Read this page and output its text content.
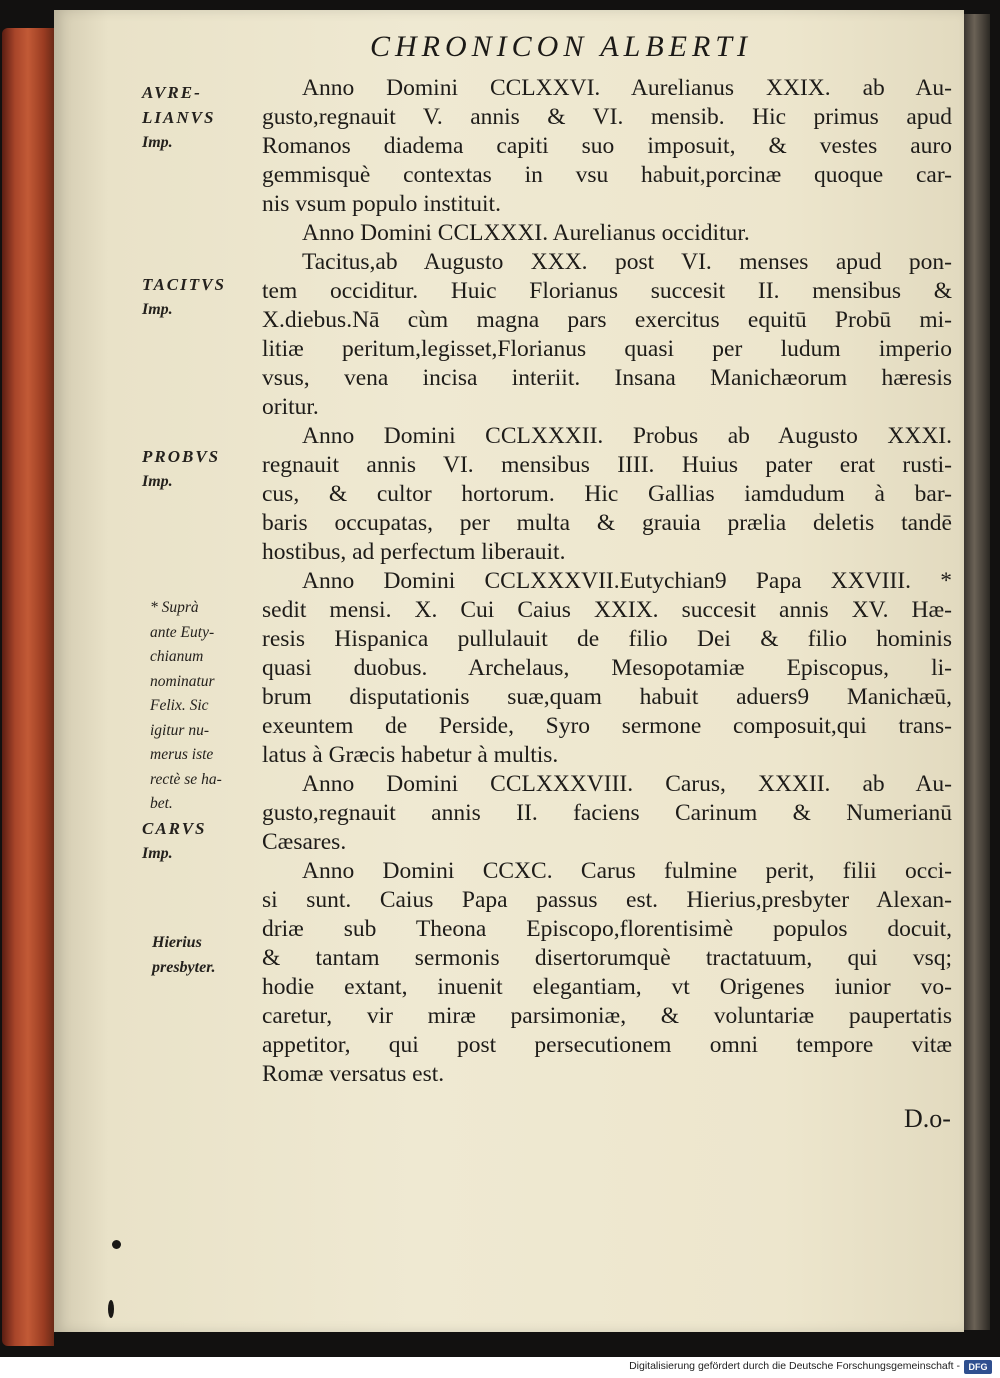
CHRONICON ALBERTI
Anno Domini CCLXXVI. Aurelianus XXIX. ab Au-
gusto,regnauit V. annis & VI. mensib. Hic primus apud
Romanos diadema capiti suo imposuit, & vestes auro
gemmisquè contextas in vsu habuit,porcinæ quoque car-
nis vsum populo instituit.
Anno Domini CCLXXXI. Aurelianus occiditur.
Tacitus,ab Augusto XXX. post VI. menses apud pon-
tem occiditur. Huic Florianus succesit II. mensibus &
X.diebus.Nā cùm magna pars exercitus equitū Probū mi-
litiæ peritum,legisset,Florianus quasi per ludum imperio
vsus, vena incisa interiit. Insana Manichæorum hæresis
oritur.
Anno Domini CCLXXXII. Probus ab Augusto XXXI.
regnauit annis VI. mensibus IIII. Huius pater erat rusti-
cus, & cultor hortorum. Hic Gallias iamdudum à bar-
baris occupatas, per multa & grauia prælia deletis tandē
hostibus, ad perfectum liberauit.
Anno Domini CCLXXXVII.Eutychian9 Papa XXVIII. *
sedit mensi. X. Cui Caius XXIX. succesit annis XV. Hæ-
resis Hispanica pullulauit de filio Dei & filio hominis
quasi duobus. Archelaus, Mesopotamiæ Episcopus, li-
brum disputationis suæ,quam habuit aduers9 Manichæū,
exeuntem de Perside, Syro sermone composuit,qui trans-
latus à Græcis habetur à multis.
Anno Domini CCLXXXVIII. Carus, XXXII. ab Au-
gusto,regnauit annis II. faciens Carinum & Numerianū
Cæsares.
Anno Domini CCXC. Carus fulmine perit, filii occi-
si sunt. Caius Papa passus est. Hierius,presbyter Alexan-
driæ sub Theona Episcopo,florentisimè populos docuit,
& tantam sermonis disertorumquè tractatuum, qui vsq;
hodie extant, inuenit elegantiam, vt Origenes iunior vo-
caretur, vir miræ parsimoniæ, & voluntariæ paupertatis
appetitor, qui post persecutionem omni tempore vitæ
Romæ versatus est.
AVRE-
LIANVS
Imp.
TACITVS
Imp.
PROBVS
Imp.
* Suprà
ante Euty-
chianum
nominatur
Felix. Sic
igitur nu-
merus iste
rectè se ha-
bet.
CARVS
Imp.
Hierius
presbyter.
D.o-
Digitalisierung gefördert durch die Deutsche Forschungsgemeinschaft - DFG
